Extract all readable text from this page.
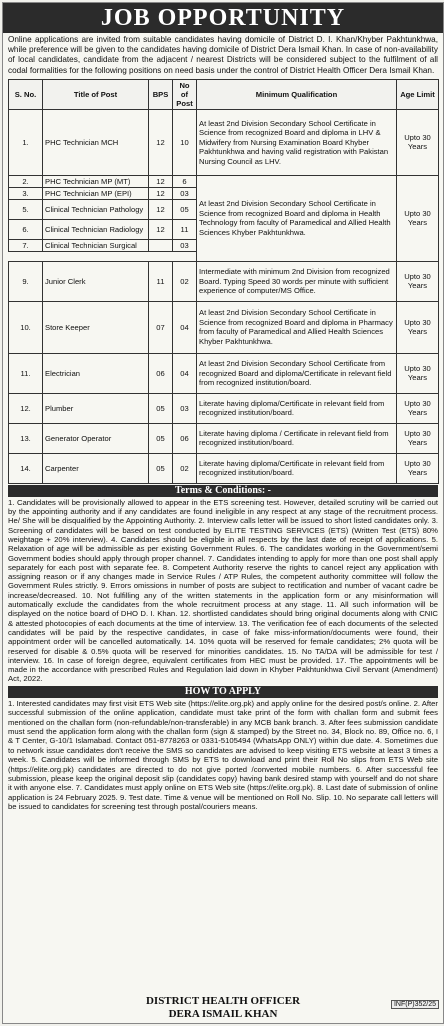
JOB OPPORTUNITY
Online applications are invited from suitable candidates having domicile of District D. I. Khan/Khyber Pakhtunkhwa, while preference will be given to the candidates having domicile of District Dera Ismail Khan. In case of non-availability of local candidates, candidate from the adjacent / nearest Districts will be considered subject to the fulfilment of all codal formalities for the following positions on need basis under the control of District Health Officer Dera Ismail Khan.
S. No.	Title of Post	BPS	No of Post	Minimum Qualification	Age Limit
1.	PHC Technician MCH	12	10	At least 2nd Division Secondary School Certificate in Science from recognized Board and diploma in LHV & Midwifery from Nursing Examination Board Khyber Pakhtunkhwa and having valid registration with Pakistan Nursing Council as LHV.	Upto 30 Years
2.	PHC Technician MP (MT)	12	6	At least 2nd Division Secondary School Certificate in Science from recognized Board and diploma in Health Technology from faculty of Paramedical and Allied Health Sciences Khyber Pakhtunkhwa.	Upto 30 Years
3.	PHC Technician MP (EPI)	12	03		
5.	Clinical Technician Pathology	12	05		
6.	Clinical Technician Radiology	12	11		
7.	Clinical Technician Surgical		03		

9.	Junior Clerk	11	02	Intermediate with minimum 2nd Division from recognized Board. Typing Speed 30 words per minute with sufficient experience of computer/MS Office.	Upto 30 Years
10.	Store Keeper	07	04	At least 2nd Division Secondary School Certificate in Science from recognized Board and diploma in Pharmacy from faculty of Paramedical and Allied Health Sciences Khyber Pakhtunkhwa.	Upto 30 Years
11.	Electrician	06	04	At least 2nd Division Secondary School Certificate from recognized Board and diploma/Certificate in relevant field from recognized institution/board.	Upto 30 Years
12.	Plumber	05	03	Literate having diploma/Certificate in relevant field from recognized institution/board.	Upto 30 Years
13.	Generator Operator	05	06	Literate having diploma / Certificate in relevant field from recognized institution/board.	Upto 30 Years
14.	Carpenter	05	02	Literate having diploma/Certificate in relevant field from recognized institution/board.	Upto 30 Years
Terms & Conditions: -
1. Candidates will be provisionally allowed to appear in the ETS screening test. However, detailed scrutiny will be carried out by the appointing authority and if any candidates are found ineligible in any respect at any stage of the recruitment process. He/ She will be disqualified by the Appointing Authority. 2. Interview calls letter will be issued to short listed candidates only. 3. Screening of candidates will be based on test conducted by ELITE TESTING SERVICES (ETS) (Written Test (ETS) 80% weightage + 20% interview). 4. Candidates should be eligible in all respects by the last date of receipt of applications. 5. Relaxation of age will be admissible as per existing Government Rules. 6. The candidates working in the Government/semi Government bodies should apply through proper channel. 7. Candidates intending to apply for more than one post shall apply separately for each post with separate fee. 8. Competent Authority reserve the rights to cancel reject any application with assigning reason or if any changes made in Service Rules / ATP Rules, the competent authority committee will follow the Government Rules strictly. 9. Errors omissions in number of posts are subject to rectification and number of vacant cadre be increase/decreased. 10. Not fulfilling any of the written statements in the application form or any misinformation will automatically exclude the candidates from the whole recruitment process at any stage. 11. All such information will be displayed on the notice board of DHO D. I. Khan. 12. shortlisted candidates should bring original documents along with CNIC & attested photocopies of each documents at the time of interview. 13. The verification fee of each documents of the selected candidates will be paid by the respective candidates, in case of fake miss-information/documents were found, their appointment order will be cancelled automatically. 14. 10% quota will be reserved for female candidates; 2% quota will be reserved for disable & 0.5% quota will be reserved for minorities candidates. 15. No TA/DA will be admissible for test / interview. 16. In case of foreign degree, equivalent certificates from HEC must be provided. 17. The appointments will be made in the accordance with prescribed Rules and Regulation laid down in Khyber Pakhtunkhwa Civil Servant (Amendment) Act, 2022.
HOW TO APPLY
1. Interested candidates may first visit ETS Web site (https://elite.org.pk) and apply online for the desired post/s online. 2. After successful submission of the online application, candidate must take print of the form with challan form and submit fees mentioned on the challan form (non-refundable/non-transferable) in any MCB bank branch. 3. After fees submission candidate must send the application form along with the challan form (sign & stamped) by the Street no. 34, Block no. 89, Office no. 6, I & T Center, G-10/1 Islamabad. Contact 051-8778263 or 0331-5105494 (WhatsApp ONLY) within due date. 4. Sometimes due to network issue candidates don't receive the SMS so candidates are advised to keep visiting ETS website at least 3 times a week. 5. Candidates will be informed through SMS by ETS to download and print their Roll No slips from ETS Web site (https://elite.org.pk) candidates are directed to do not give ported /converted mobile numbers. 6. After successful fee submission, please keep the original deposit slip (candidates copy) having bank desired stamp with yourself and do not share it with anyone else. 7. Candidates must apply online on ETS Web site (https://elite.org.pk). 8. Last date of submission of online application is 24 February 2025. 9. Test date. Time & venue will be mentioned on Roll No. Slip. 10. No separate call letters will be issued to candidates for screening test through postal/couriers means.
INF(P)352/25
DISTRICT HEALTH OFFICER
DERA ISMAIL KHAN
